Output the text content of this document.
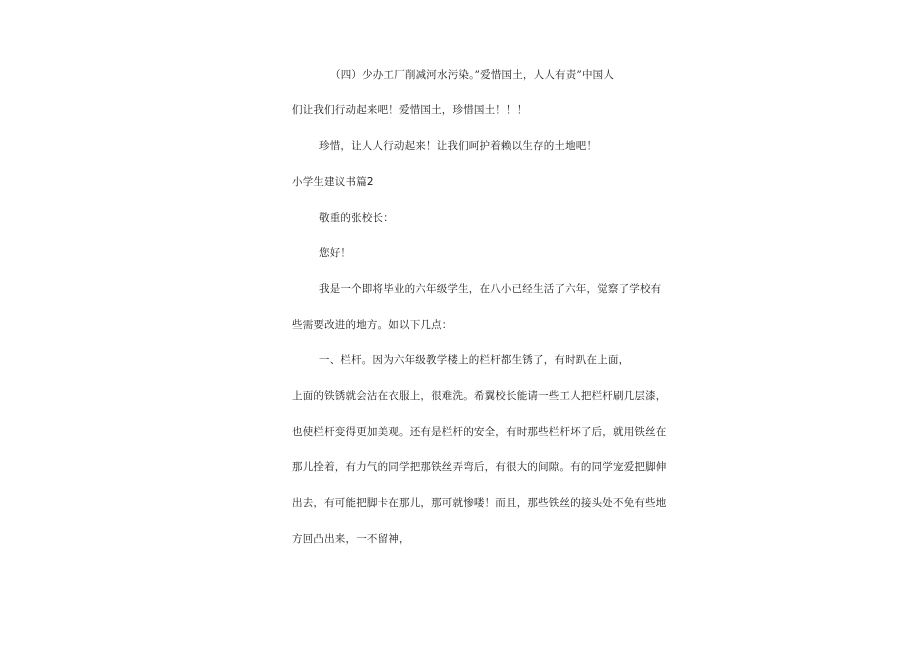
（四）少办工厂削减河水污染。”爱惜国土，人人有责”中国人
们让我们行动起来吧！爱惜国土，珍惜国土！！！
珍惜，让人人行动起来！让我们呵护着赖以生存的土地吧！
小学生建议书篇2
敬重的张校长：
您好！
我是一个即将毕业的六年级学生，在八小已经生活了六年，觉察了学校有
些需要改进的地方。如以下几点：
一、栏杆。因为六年级教学楼上的栏杆都生锈了，有时趴在上面，
上面的铁锈就会沾在衣服上，很难洗。希翼校长能请一些工人把栏杆刷几层漆，
也使栏杆变得更加美观。还有是栏杆的安全，有时那些栏杆坏了后，就用铁丝在
那儿拴着，有力气的同学把那铁丝弄弯后，有很大的间隙。有的同学宠爱把脚伸
出去，有可能把脚卡在那儿，那可就惨喽！而且，那些铁丝的接头处不免有些地
方回凸出来，一不留神，
